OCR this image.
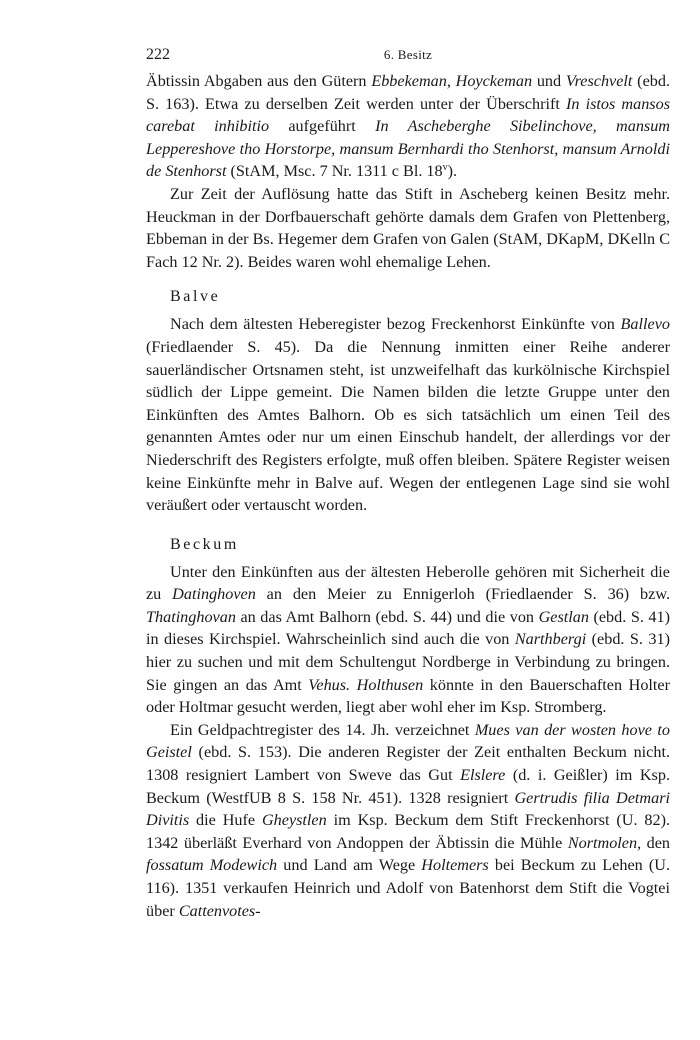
222	6. Besitz

Äbtissin Abgaben aus den Gütern Ebbekeman, Hoyckeman und Vreschvelt (ebd. S. 163). Etwa zu derselben Zeit werden unter der Überschrift In istos mansos carebat inhibitio aufgeführt In Ascheberghe Sibelinchove, mansum Leppereshove tho Horstorpe, mansum Bernhardi tho Stenhorst, mansum Arnoldi de Stenhorst (StAM, Msc. 7 Nr. 1311 c Bl. 18$^v$).

Zur Zeit der Auflösung hatte das Stift in Ascheberg keinen Besitz mehr. Heuckman in der Dorfbauerschaft gehörte damals dem Grafen von Plettenberg, Ebbeman in der Bs. Hegemer dem Grafen von Galen (StAM, DKapM, DKelln C Fach 12 Nr. 2). Beides waren wohl ehemalige Lehen.

Balve

Nach dem ältesten Heberegister bezog Freckenhorst Einkünfte von Ballevo (Friedlaender S. 45). Da die Nennung inmitten einer Reihe anderer sauerländischer Ortsnamen steht, ist unzweifelhaft das kurkölnische Kirchspiel südlich der Lippe gemeint. Die Namen bilden die letzte Gruppe unter den Einkünften des Amtes Balhorn. Ob es sich tatsächlich um einen Teil des genannten Amtes oder nur um einen Einschub handelt, der allerdings vor der Niederschrift des Registers erfolgte, muß offen bleiben. Spätere Register weisen keine Einkünfte mehr in Balve auf. Wegen der entlegenen Lage sind sie wohl veräußert oder vertauscht worden.

Beckum

Unter den Einkünften aus der ältesten Heberolle gehören mit Sicherheit die zu Datinghoven an den Meier zu Ennigerloh (Friedlaender S. 36) bzw. Thatinghovan an das Amt Balhorn (ebd. S. 44) und die von Gestlan (ebd. S. 41) in dieses Kirchspiel. Wahrscheinlich sind auch die von Narthbergi (ebd. S. 31) hier zu suchen und mit dem Schultengut Nordberge in Verbindung zu bringen. Sie gingen an das Amt Vehus. Holthusen könnte in den Bauerschaften Holter oder Holtmar gesucht werden, liegt aber wohl eher im Ksp. Stromberg.

Ein Geldpachtregister des 14. Jh. verzeichnet Mues van der wosten hove to Geistel (ebd. S. 153). Die anderen Register der Zeit enthalten Beckum nicht. 1308 resigniert Lambert von Sweve das Gut Elslere (d. i. Geißler) im Ksp. Beckum (WestfUB 8 S. 158 Nr. 451). 1328 resigniert Gertrudis filia Detmari Divitis die Hufe Gheystlen im Ksp. Beckum dem Stift Freckenhorst (U. 82). 1342 überläßt Everhard von Andoppen der Äbtissin die Mühle Nortmolen, den fossatum Modewich und Land am Wege Holtemers bei Beckum zu Lehen (U. 116). 1351 verkaufen Heinrich und Adolf von Batenhorst dem Stift die Vogtei über Cattenvotes-
